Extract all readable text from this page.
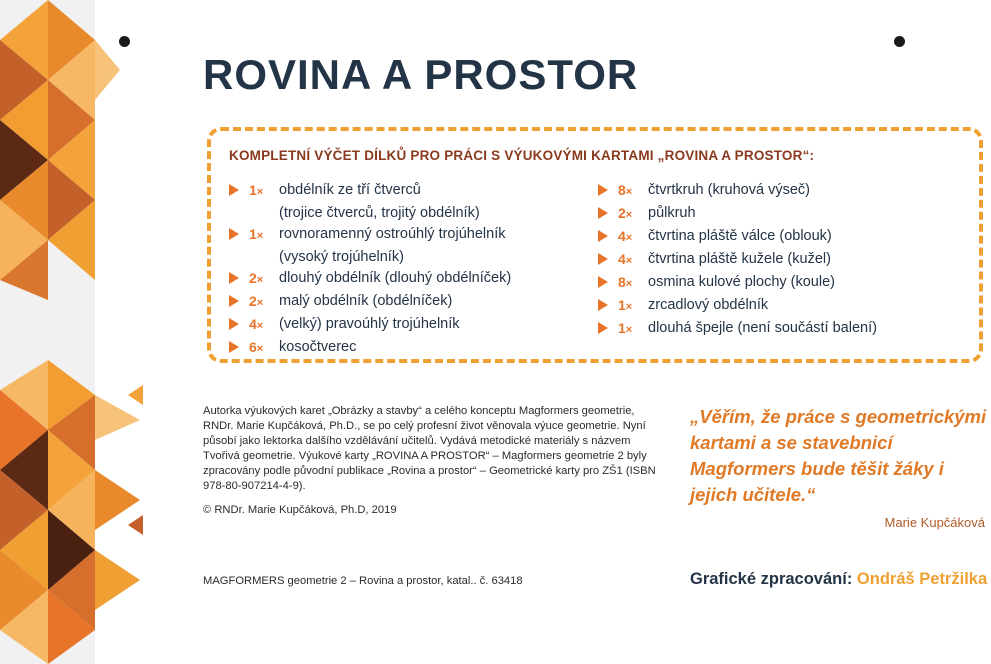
ROVINA A PROSTOR
KOMPLETNÍ VÝČET DÍLKŮ PRO PRÁCI S VÝUKOVÝMI KARTAMI „ROVINA A PROSTOR“:
1×	obdélník ze tří čtverců
(trojice čtverců, trojitý obdélník)
1×	rovnoramenný ostroúhlý trojúhelník
(vysoký trojúhelník)
2×	dlouhý obdélník (dlouhý obdélníček)
2×	malý obdélník (obdélníček)
4×	(velký) pravoúhlý trojúhelník
6×	kosočtverec
8×	čtvrtkruh (kruhová výseč)
2×	půlkruh
4×	čtvrtina pláště válce (oblouk)
4×	čtvrtina pláště kužele (kužel)
8×	osmina kulové plochy (koule)
1×	zrcadlový obdélník
1×	dlouhá špejle (není součástí balení)

Autorka výukových karet „Obrázky a stavby“ a celého konceptu Magformers geometrie, RNDr. Marie Kupčáková, Ph.D., se po celý profesní život věnovala výuce geometrie. Nyní působí jako lektorka dalšího vzdělávání učitelů. Vydává metodické materiály s názvem Tvořivá geometrie. Výukové karty „ROVINA A PROSTOR“ – Magformers geometrie 2 byly zpracovány podle původní publikace „Rovina a prostor“ – Geometrické karty pro ZŠ1 (ISBN 978-80-907214-4-9).

© RNDr. Marie Kupčáková, Ph.D, 2019

„Věřím, že práce s geometrickými kartami a se stavebnicí Magformers bude těšit žáky i jejich učitele.“

Marie Kupčáková
MAGFORMERS geometrie 2 – Rovina a prostor, katal.. č. 63418	Grafické zpracování: Ondráš Petržilka
